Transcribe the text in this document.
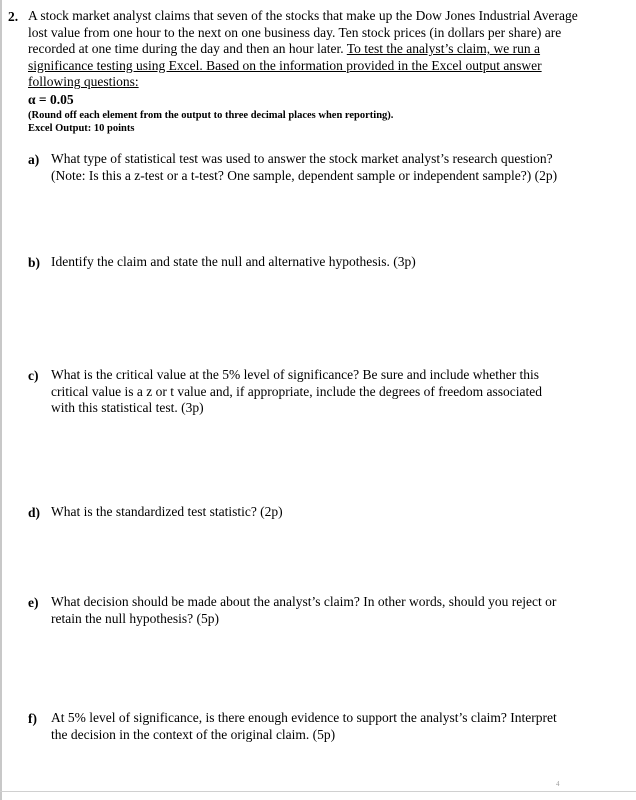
2. A stock market analyst claims that seven of the stocks that make up the Dow Jones Industrial Average lost value from one hour to the next on one business day. Ten stock prices (in dollars per share) are recorded at one time during the day and then an hour later. To test the analyst’s claim, we run a significance testing using Excel. Based on the information provided in the Excel output answer following questions:
α = 0.05
(Round off each element from the output to three decimal places when reporting).
Excel Output: 10 points
a) What type of statistical test was used to answer the stock market analyst’s research question? (Note: Is this a z-test or a t-test? One sample, dependent sample or independent sample?) (2p)
b) Identify the claim and state the null and alternative hypothesis. (3p)
c) What is the critical value at the 5% level of significance? Be sure and include whether this critical value is a z or t value and, if appropriate, include the degrees of freedom associated with this statistical test. (3p)
d) What is the standardized test statistic? (2p)
e) What decision should be made about the analyst’s claim? In other words, should you reject or retain the null hypothesis? (5p)
f) At 5% level of significance, is there enough evidence to support the analyst’s claim? Interpret the decision in the context of the original claim. (5p)
4
